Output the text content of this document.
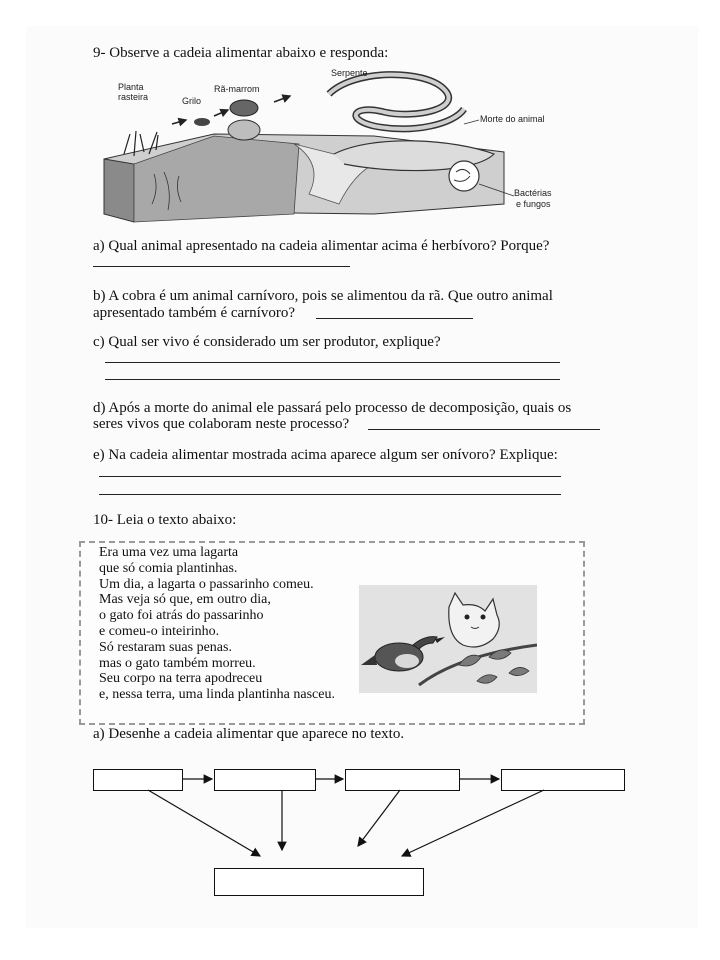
9- Observe a cadeia alimentar abaixo e responda:
Planta
rasteira	Grilo
Rã-marrom
Serpente
Morte do animal
Bactérias
e fungos
a) Qual animal apresentado na cadeia alimentar acima é herbívoro? Porque?
b) A cobra é um animal carnívoro, pois se alimentou da rã. Que outro animal
apresentado também é carnívoro?
c) Qual ser vivo é considerado um ser produtor, explique?
d) Após a morte do animal ele passará pelo processo de decomposição, quais os
seres vivos que colaboram neste processo?
e) Na cadeia alimentar mostrada acima aparece algum ser onívoro? Explique:
10- Leia o texto abaixo:
Era uma vez uma lagarta
que só comia plantinhas.
Um dia, a lagarta o passarinho comeu.
Mas veja só que, em outro dia,
o gato foi atrás do passarinho
e comeu-o inteirinho.
Só restaram suas penas.
mas o gato também morreu.
Seu corpo na terra apodreceu
e, nessa terra, uma linda plantinha nasceu.
a) Desenhe a cadeia alimentar que aparece no texto.
